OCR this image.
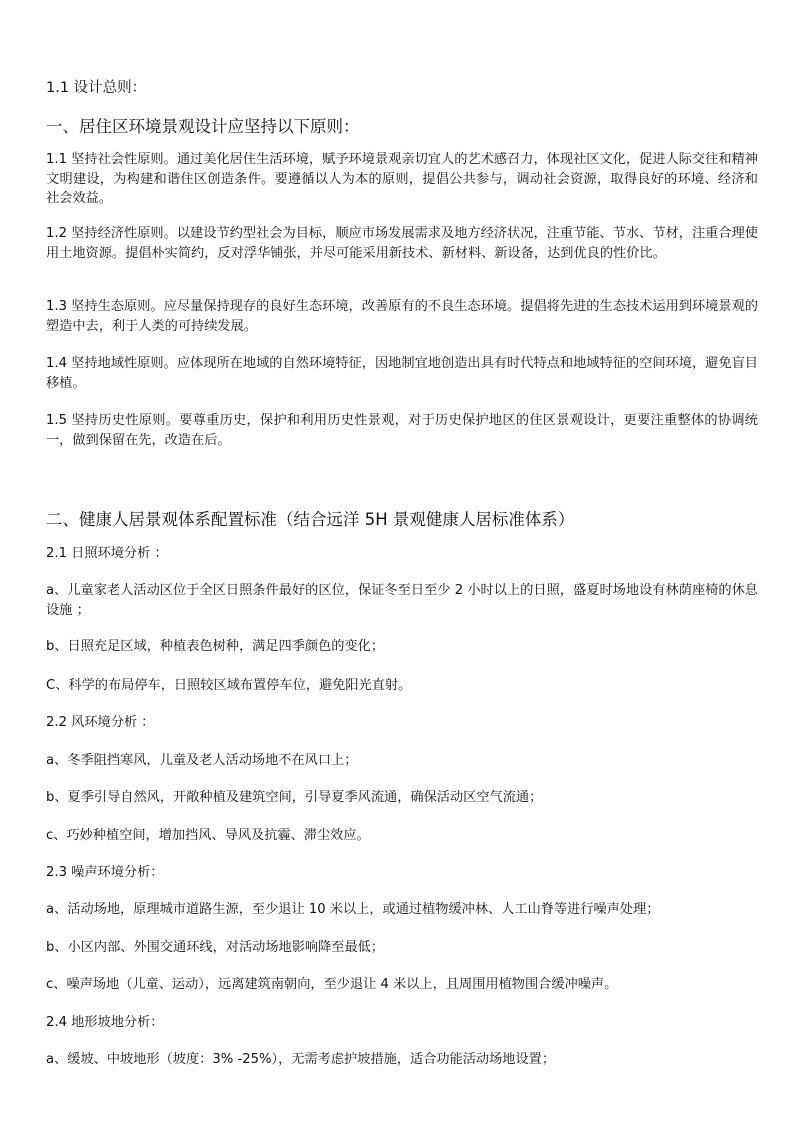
1.1 设计总则：

一、居住区环境景观设计应坚持以下原则：

1.1 坚持社会性原则。通过美化居住生活环境，赋予环境景观亲切宜人的艺术感召力，体现社区文化，促进人际交往和精神文明建设，为构建和谐住区创造条件。要遵循以人为本的原则，提倡公共参与，调动社会资源，取得良好的环境、经济和社会效益。

1.2 坚持经济性原则。以建设节约型社会为目标，顺应市场发展需求及地方经济状况，注重节能、节水、节材，注重合理使用土地资源。提倡朴实简约，反对浮华铺张，并尽可能采用新技术、新材料、新设备，达到优良的性价比。

1.3 坚持生态原则。应尽量保持现存的良好生态环境，改善原有的不良生态环境。提倡将先进的生态技术运用到环境景观的塑造中去，利于人类的可持续发展。

1.4 坚持地域性原则。应体现所在地域的自然环境特征，因地制宜地创造出具有时代特点和地域特征的空间环境，避免盲目移植。

1.5 坚持历史性原则。要尊重历史，保护和利用历史性景观，对于历史保护地区的住区景观设计，更要注重整体的协调统一，做到保留在先，改造在后。

二、健康人居景观体系配置标准（结合远洋 5H 景观健康人居标准体系）

2.1 日照环境分析 ：

a、儿童家老人活动区位于全区日照条件最好的区位，保证冬至日至少 2 小时以上的日照，盛夏时场地设有林荫座椅的休息设施 ；

b、日照充足区域，种植表色树种，满足四季颜色的变化；

C、科学的布局停车，日照较区域布置停车位，避免阳光直射。

2.2 风环境分析 ：

a、冬季阻挡寒风，儿童及老人活动场地不在风口上；

b、夏季引导自然风，开敞种植及建筑空间，引导夏季风流通，确保活动区空气流通；

c、巧妙种植空间，增加挡风、导风及抗霾、滞尘效应。

2.3 噪声环境分析：

a、活动场地，原理城市道路生源，至少退让 10 米以上，或通过植物缓冲林、人工山脊等进行噪声处理；

b、小区内部、外围交通环线，对活动场地影响降至最低；

c、噪声场地（儿童、运动），远离建筑南朝向，至少退让 4 米以上，且周围用植物围合缓冲噪声。

2.4 地形坡地分析：

a、缓坡、中坡地形（坡度：3% -25%），无需考虑护坡措施，适合功能活动场地设置；
